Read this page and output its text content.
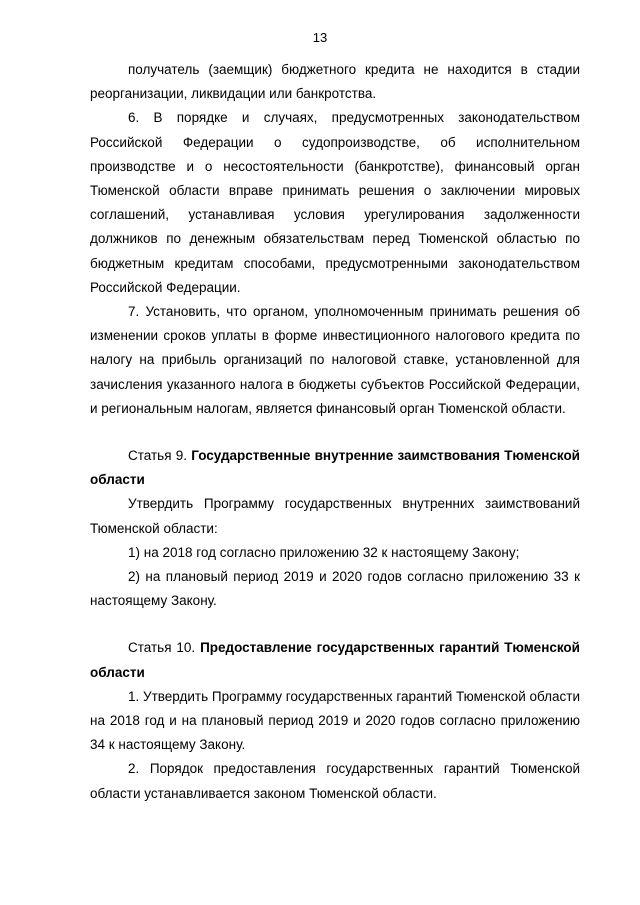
13

получатель (заемщик) бюджетного кредита не находится в стадии реорганизации, ликвидации или банкротства.

6. В порядке и случаях, предусмотренных законодательством Российской Федерации о судопроизводстве, об исполнительном производстве и о несостоятельности (банкротстве), финансовый орган Тюменской области вправе принимать решения о заключении мировых соглашений, устанавливая условия урегулирования задолженности должников по денежным обязательствам перед Тюменской областью по бюджетным кредитам способами, предусмотренными законодательством Российской Федерации.

7. Установить, что органом, уполномоченным принимать решения об изменении сроков уплаты в форме инвестиционного налогового кредита по налогу на прибыль организаций по налоговой ставке, установленной для зачисления указанного налога в бюджеты субъектов Российской Федерации, и региональным налогам, является финансовый орган Тюменской области.

Статья 9. Государственные внутренние заимствования Тюменской области

Утвердить Программу государственных внутренних заимствований Тюменской области:

1) на 2018 год согласно приложению 32 к настоящему Закону;

2) на плановый период 2019 и 2020 годов согласно приложению 33 к настоящему Закону.

Статья 10. Предоставление государственных гарантий Тюменской области

1. Утвердить Программу государственных гарантий Тюменской области на 2018 год и на плановый период 2019 и 2020 годов согласно приложению 34 к настоящему Закону.

2. Порядок предоставления государственных гарантий Тюменской области устанавливается законом Тюменской области.
